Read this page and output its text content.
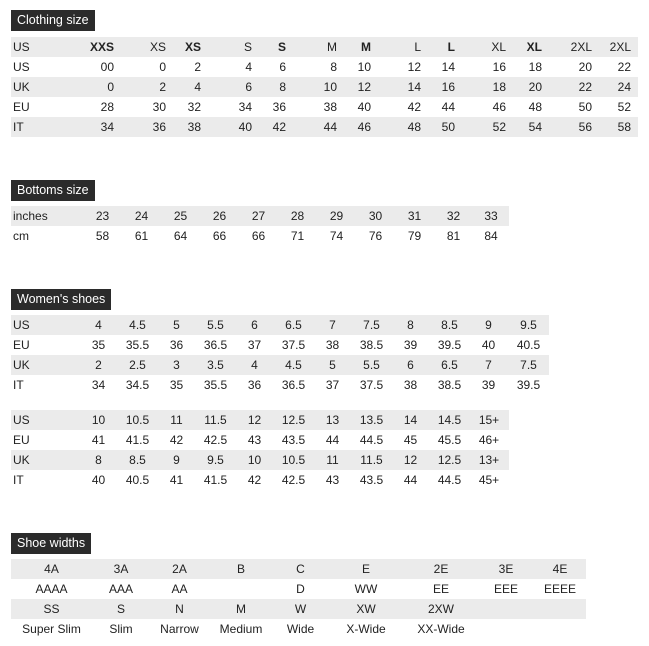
Clothing size
US	XXS	XS	XS	S	S	M	M	L	L	XL	XL	2XL	2XL
US	00	0	2	4	6	8	10	12	14	16	18	20	22
UK	0	2	4	6	8	10	12	14	16	18	20	22	24
EU	28	30	32	34	36	38	40	42	44	46	48	50	52
IT	34	36	38	40	42	44	46	48	50	52	54	56	58
Bottoms size
inches	23	24	25	26	27	28	29	30	31	32	33
cm	58	61	64	66	66	71	74	76	79	81	84
Women's shoes
US	4	4.5	5	5.5	6	6.5	7	7.5	8	8.5	9	9.5
EU	35	35.5	36	36.5	37	37.5	38	38.5	39	39.5	40	40.5
UK	2	2.5	3	3.5	4	4.5	5	5.5	6	6.5	7	7.5
IT	34	34.5	35	35.5	36	36.5	37	37.5	38	38.5	39	39.5
US	10	10.5	11	11.5	12	12.5	13	13.5	14	14.5	15+
EU	41	41.5	42	42.5	43	43.5	44	44.5	45	45.5	46+
UK	8	8.5	9	9.5	10	10.5	11	11.5	12	12.5	13+
IT	40	40.5	41	41.5	42	42.5	43	43.5	44	44.5	45+
Shoe widths
4A	3A	2A	B	C	E	2E	3E	4E
AAAA	AAA	AA		D	WW	EE	EEE	EEEE
SS	S	N	M	W	XW	2XW		
Super Slim	Slim	Narrow	Medium	Wide	X-Wide	XX-Wide		
